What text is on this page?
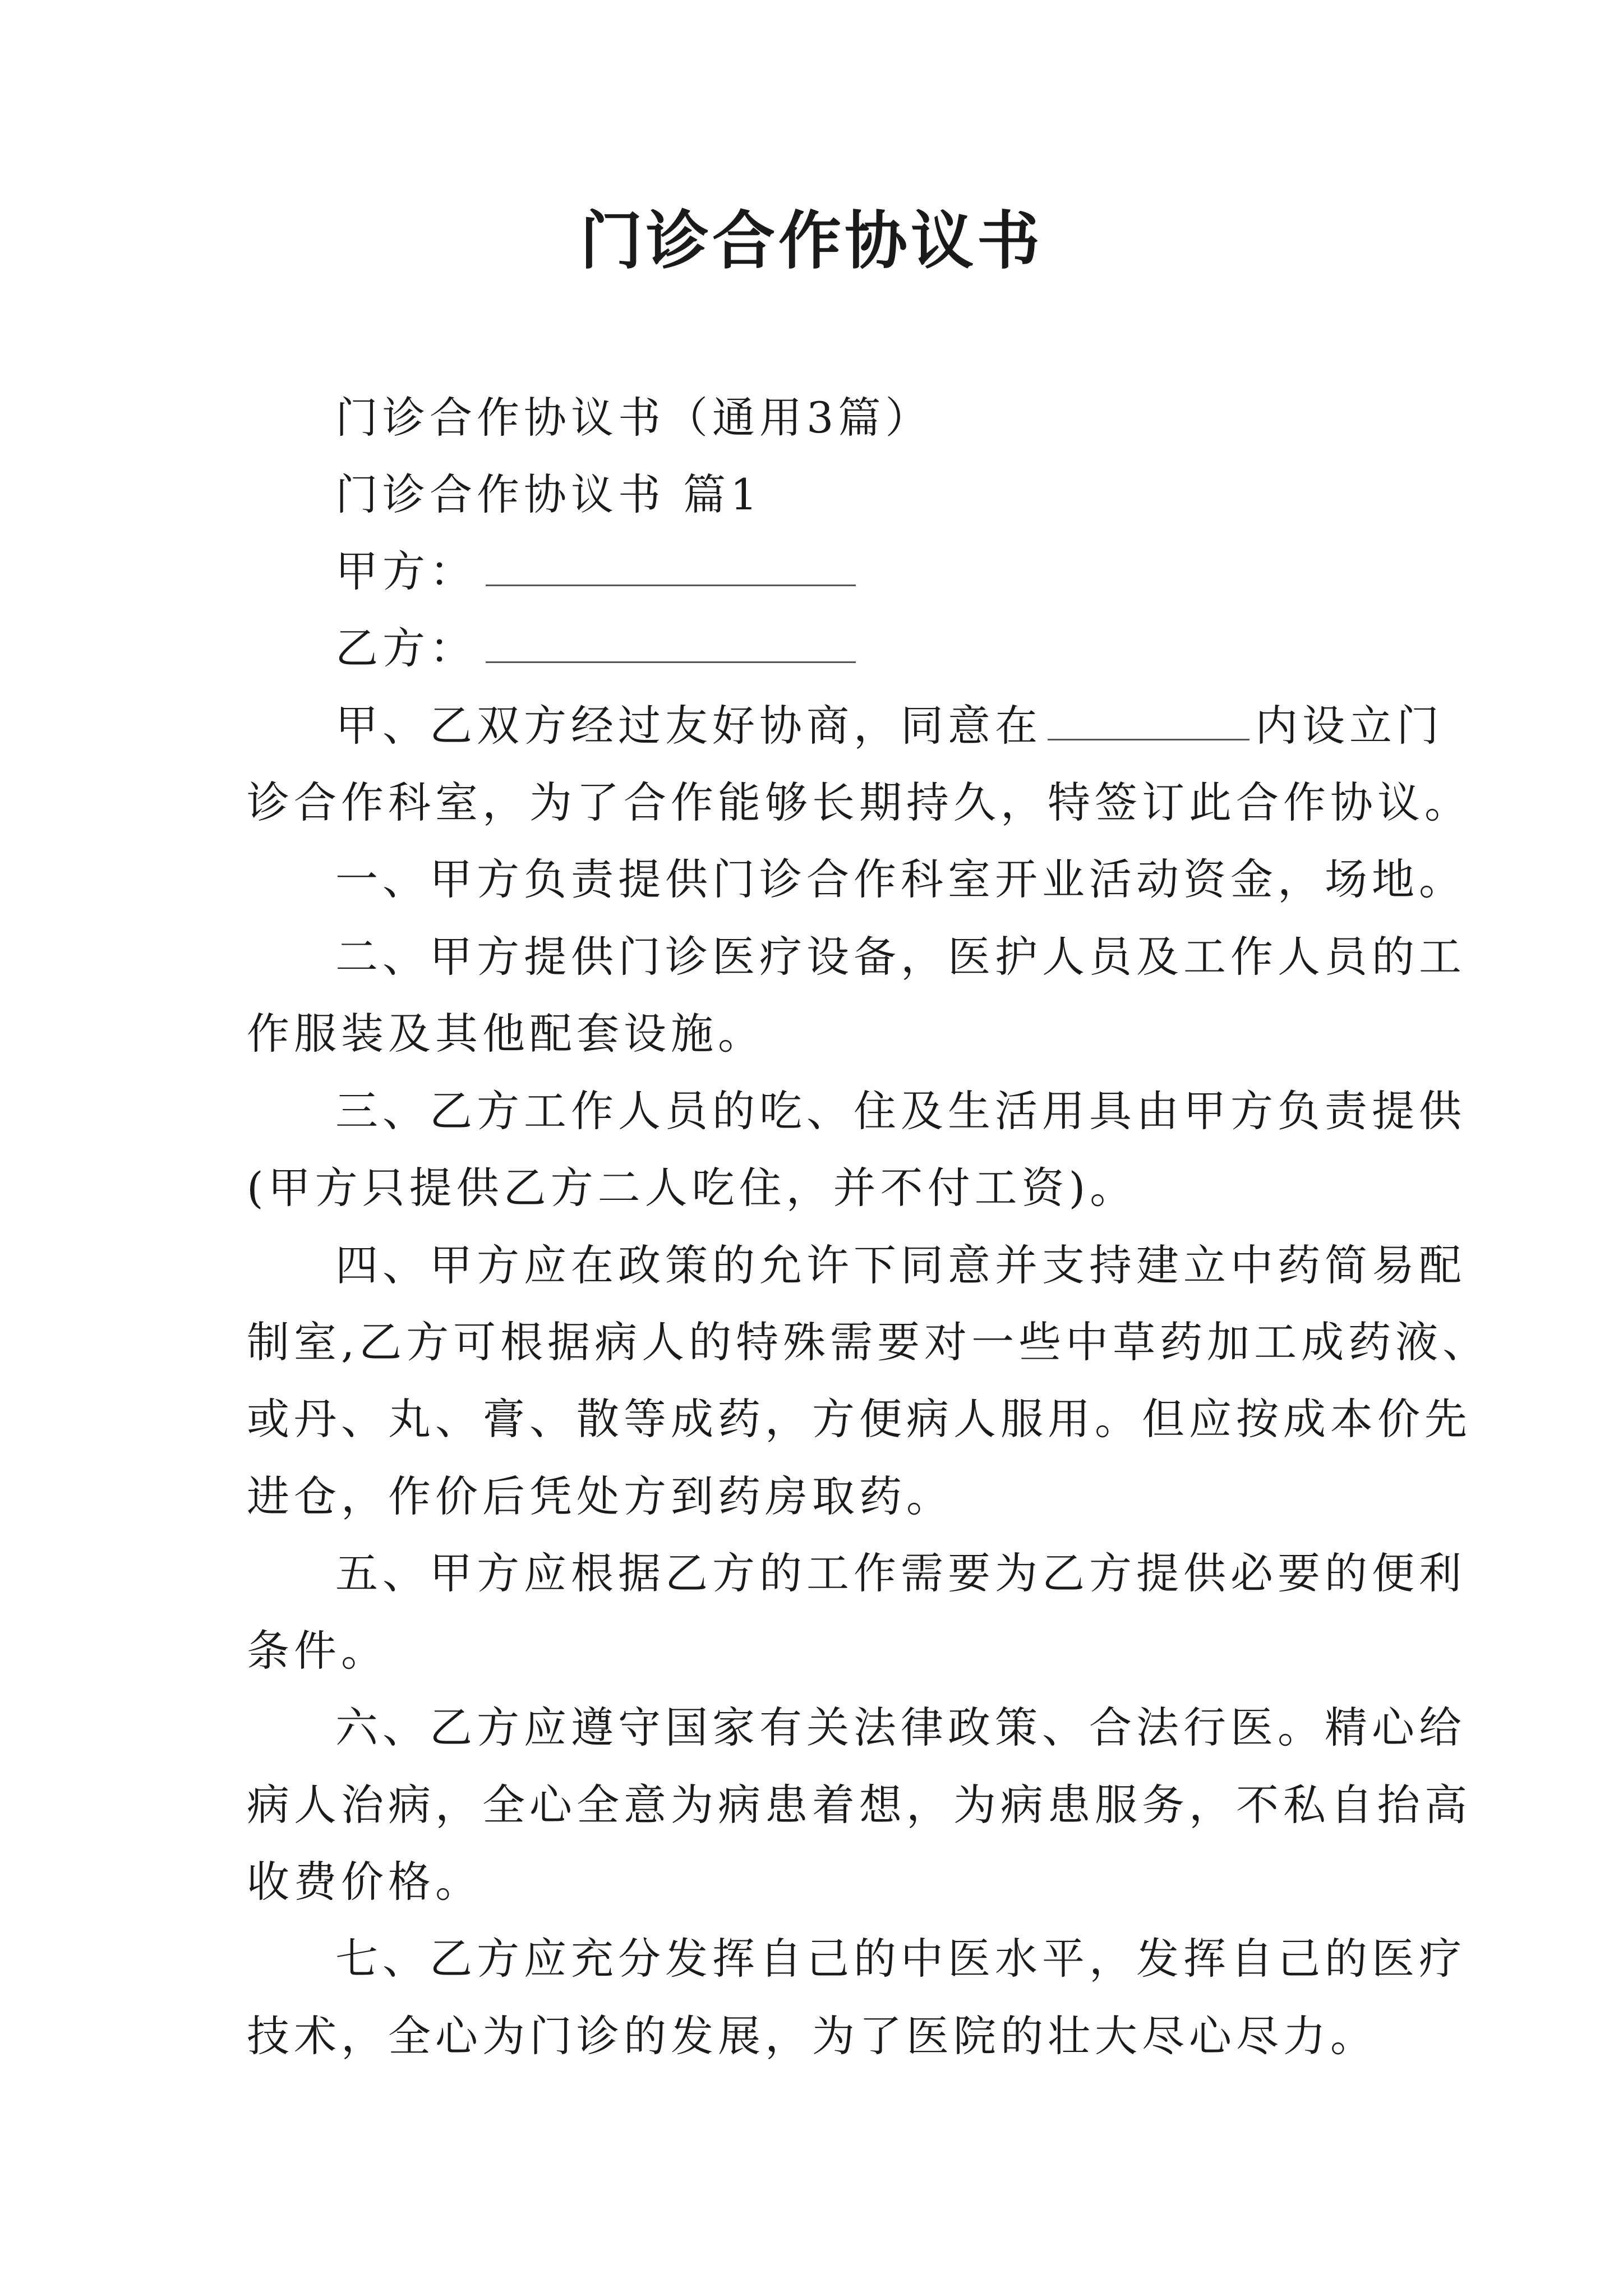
门诊合作协议书
门诊合作协议书（通用3篇）
门诊合作协议书 篇1
甲方：
乙方：
甲、乙双方经过友好协商，同意在	内设立门
诊合作科室，为了合作能够长期持久，特签订此合作协议。
一、甲方负责提供门诊合作科室开业活动资金，场地。
二、甲方提供门诊医疗设备，医护人员及工作人员的工
作服装及其他配套设施。
三、乙方工作人员的吃、住及生活用具由甲方负责提供
(甲方只提供乙方二人吃住，并不付工资)。
四、甲方应在政策的允许下同意并支持建立中药简易配
制室,乙方可根据病人的特殊需要对一些中草药加工成药液、
或丹、丸、膏、散等成药，方便病人服用。但应按成本价先
进仓，作价后凭处方到药房取药。
五、甲方应根据乙方的工作需要为乙方提供必要的便利
条件。
六、乙方应遵守国家有关法律政策、合法行医。精心给
病人治病，全心全意为病患着想，为病患服务，不私自抬高
收费价格。
七、乙方应充分发挥自己的中医水平，发挥自己的医疗
技术，全心为门诊的发展，为了医院的壮大尽心尽力。
